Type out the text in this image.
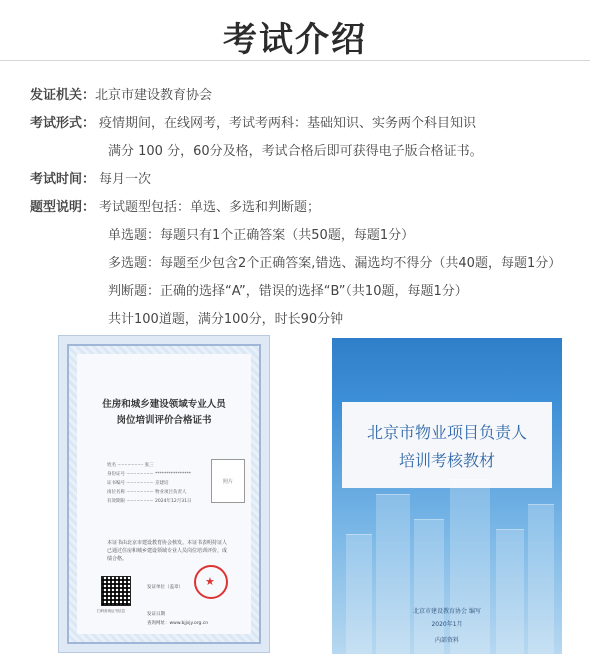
考试介绍
发证机关：北京市建设教育协会
考试形式： 疫情期间，在线网考，考试考两科：基础知识、实务两个科目知识
满分 100 分，60分及格，考试合格后即可获得电子版合格证书。
考试时间： 每月一次
题型说明： 考试题型包括：单选、多选和判断题；
单选题：每题只有1个正确答案（共50题，每题1分）
多选题：每题至少包含2个正确答案,错选、漏选均不得分（共40题，每题1分）
判断题：正确的选择“A”，错误的选择“B”（共10题，每题1分）
共计100道题，满分100分，时长90分钟
住房和城乡建设领域专业人员
岗位培训评价合格证书
姓名 ·················· 张三
身份证号 ··················· ****************
证书编号 ··················· 京建培
岗位名称 ··················· 物业项目负责人
有效期限 ··················· 2024年12月31日
照片
本证书由北京市建设教育协会核发。本证书表明持证人已通过住房和城乡建设领域专业人员岗位培训评价，成绩合格。
扫码查询证书信息
★
发证单位（盖章）
发证日期
查询网址：www.bjjsjy.org.cn
北京市物业项目负责人
培训考核教材
北京市建设教育协会 编写
2020年1月
内部资料
